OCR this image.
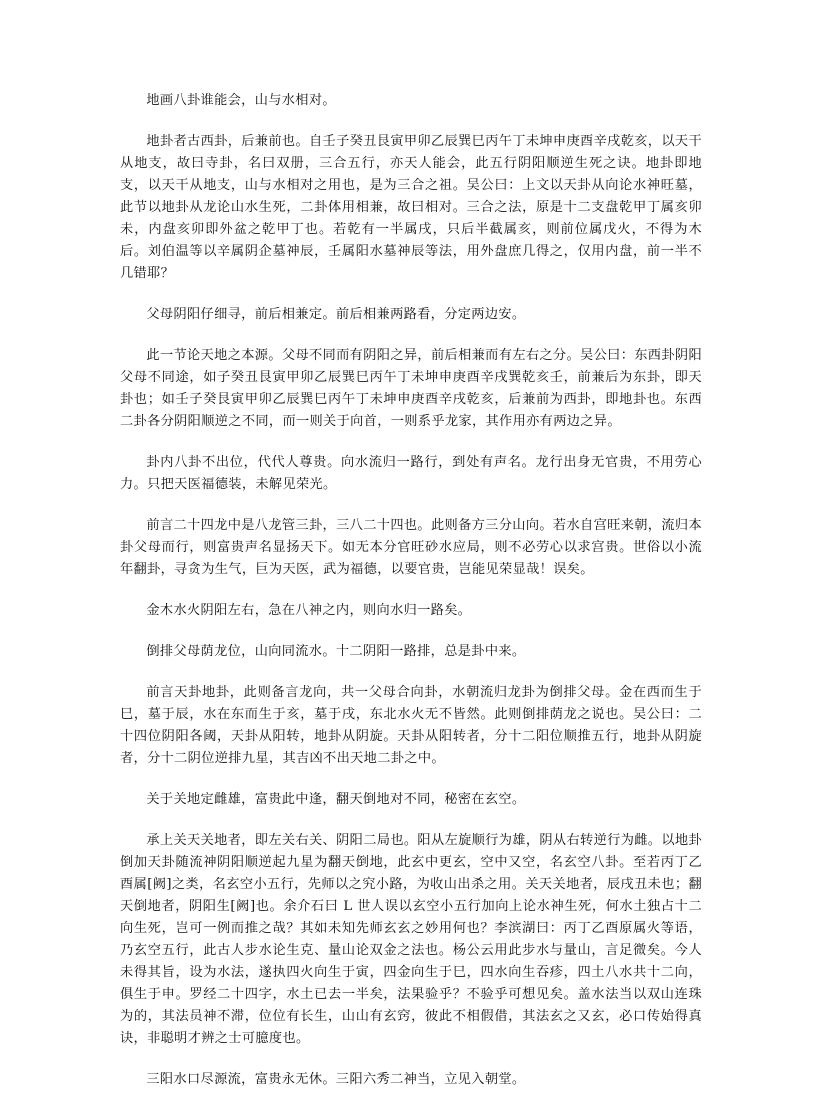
地画八卦谁能会，山与水相对。

地卦者古西卦，后兼前也。自壬子癸丑艮寅甲卯乙辰巽巳丙午丁未坤申庚酉辛戌乾亥，以天干从地支，故曰寺卦，名曰双册，三合五行，亦天人能会，此五行阴阳顺逆生死之诀。地卦即地支，以天干从地支，山与水相对之用也，是为三合之祖。吴公曰：上文以天卦从向论水神旺墓，此节以地卦从龙论山水生死，二卦体用相兼，故曰相对。三合之法，原是十二支盘乾甲丁属亥卯未，内盘亥卯即外盆之乾甲丁也。若乾有一半属戌，只后半截属亥，则前位属戊火，不得为木后。刘伯温等以辛属阴企墓神辰，壬属阳水墓神辰等法，用外盘庶几得之，仅用内盘，前一半不几错耶？

父母阴阳仔细寻，前后相兼定。前后相兼两路看，分定两边安。

此一节论天地之本源。父母不同而有阴阳之异，前后相兼而有左右之分。吴公曰：东西卦阴阳父母不同途，如子癸丑艮寅甲卯乙辰巽巳丙午丁未坤申庚酉辛戌巽乾亥壬，前兼后为东卦，即天卦也；如壬子癸艮寅甲卯乙辰巽巳丙午丁未坤申庚酉辛戌乾亥，后兼前为西卦，即地卦也。东西二卦各分阴阳顺逆之不同，而一则关于向首，一则系乎龙家，其作用亦有两边之异。

卦内八卦不出位，代代人尊贵。向水流归一路行，到处有声名。龙行出身无官贵，不用劳心力。只把天医福德装，未解见荣光。

前言二十四龙中是八龙管三卦，三八二十四也。此则备方三分山向。若水自宫旺来朝，流归本卦父母而行，则富贵声名显扬天下。如无本分官旺砂水应局，则不必劳心以求宫贵。世俗以小流年翻卦，寻贪为生气，巨为天医，武为福德，以要官贵，岂能见荣显哉！误矣。

金木水火阴阳左右，急在八神之内，则向水归一路矣。

倒排父母荫龙位，山向同流水。十二阴阳一路排，总是卦中来。

前言天卦地卦，此则备言龙向，共一父母合向卦，水朝流归龙卦为倒排父母。金在西而生于巳，墓于辰，水在东而生于亥，墓于戌，东北水火无不皆然。此则倒排荫龙之说也。吴公曰：二十四位阴阳各阈，天卦从阳转，地卦从阴旋。天卦从阳转者，分十二阳位顺推五行，地卦从阴旋者，分十二阴位逆排九星，其吉凶不出天地二卦之中。

关于关地定雌雄，富贵此中逢，翻天倒地对不同，秘密在玄空。

承上关天关地者，即左关右关、阴阳二局也。阳从左旋顺行为雄，阴从右转逆行为雌。以地卦倒加天卦随流神阴阳顺逆起九星为翻天倒地，此玄中更玄，空中又空，名玄空八卦。至若丙丁乙酉属[阙]之类，名玄空小五行，先师以之究小路，为收山出杀之用。关天关地者，辰戌丑未也；翻天倒地者，阴阳生[阙]也。余介石曰 L 世人误以玄空小五行加向上论水神生死，何水土独占十二向生死，岂可一例而推之哉？其如未知先师玄玄之妙用何也？李滨湖曰：丙丁乙酉原属火等语，乃玄空五行，此古人步水论生克、量山论双金之法也。杨公云用此步水与量山，言足微矣。今人未得其旨，设为水法，遂执四火向生于寅，四金向生于巳，四水向生吞疹，四土八水共十二向，俱生于申。罗经二十四字，水土已去一半矣，法果验乎？不验乎可想见矣。盖水法当以双山连珠为的，其法员神不滞，位位有长生，山山有玄窍，彼此不相假借，其法玄之又玄，必口传始得真诀，非聪明才辨之士可臆度也。

三阳水口尽源流，富贵永无休。三阳六秀二神当，立见入朝堂。
